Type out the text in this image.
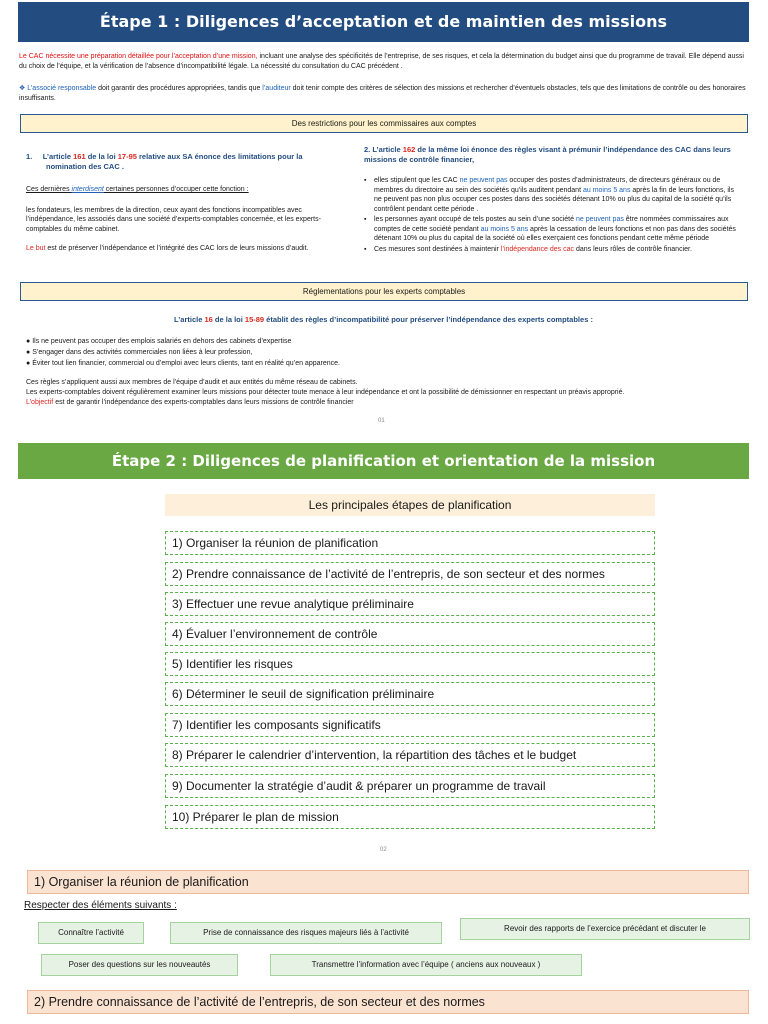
Étape 1 : Diligences d’acceptation et de maintien des missions
Le CAC nécessite une préparation détaillée pour l’acceptation d’une mission, incluant une analyse des spécificités de l’entreprise, de ses risques, et cela la détermination du budget ainsi que du programme de travail. Elle dépend aussi du choix de l’équipe, et la vérification de l’absence d’incompatibilité légale. La nécessité du consultation du CAC précédent .
❖ L’associé responsable doit garantir des procédures appropriées, tandis que l’auditeur doit tenir compte des critères de sélection des missions et rechercher d’éventuels obstacles, tels que des limitations de contrôle ou des honoraires insuffisants.
Des restrictions pour les commissaires aux comptes

1. L’article 161 de la loi 17-95 relative aux SA énonce des limitations pour la nomination des CAC .

Ces dernières interdisent certaines personnes d’occuper cette fonction :

les fondateurs, les membres de la direction, ceux ayant des fonctions incompatibles avec l’indépendance, les associés dans une société d’experts-comptables concernée, et les experts-comptables du même cabinet.

Le but est de préserver l’indépendance et l’intégrité des CAC lors de leurs missions d’audit.

2. L’article 162 de la même loi énonce des règles visant à prémunir l’indépendance des CAC dans leurs missions de contrôle financier,

▪ elles stipulent que les CAC ne peuvent pas occuper des postes d’administrateurs, de directeurs généraux ou de membres du directoire au sein des sociétés qu’ils auditent pendant au moins 5 ans après la fin de leurs fonctions, ils ne peuvent pas non plus occuper ces postes dans des sociétés détenant 10% ou plus du capital de la société qu’ils contrôlent pendant cette période .
▪ les personnes ayant occupé de tels postes au sein d’une société ne peuvent pas être nommées commissaires aux comptes de cette société pendant au moins 5 ans après la cessation de leurs fonctions et non pas dans des sociétés détenant 10% ou plus du capital de la société où elles exerçaient ces fonctions pendant cette même période
▪ Ces mesures sont destinées à maintenir l’indépendance des cac dans leurs rôles de contrôle financier.
Réglementations pour les experts comptables
L’article 16 de la loi 15-89 établit des règles d’incompatibilité pour préserver l’indépendance des experts comptables :
● Ils ne peuvent pas occuper des emplois salariés en dehors des cabinets d’expertise
● S’engager dans des activités commerciales non liées à leur profession,
● Éviter tout lien financier, commercial ou d’emploi avec leurs clients, tant en réalité qu’en apparence.
Ces règles s’appliquent aussi aux membres de l’équipe d’audit et aux entités du même réseau de cabinets.
Les experts-comptables doivent régulièrement examiner leurs missions pour détecter toute menace à leur indépendance et ont la possibilité de démissionner en respectant un préavis approprié.
L’objectif est de garantir l’indépendance des experts-comptables dans leurs missions de contrôle financier
01
Étape 2 : Diligences de planification et orientation de la mission
Les principales étapes de planification
1) Organiser la réunion de planification
2) Prendre connaissance de l’activité de l’entrepris, de son secteur et des normes
3) Effectuer une revue analytique préliminaire
4) Évaluer l’environnement de contrôle
5) Identifier les risques
6) Déterminer le seuil de signification préliminaire
7) Identifier les composants significatifs
8) Préparer le calendrier d’intervention, la répartition des tâches et le budget
9) Documenter la stratégie d’audit & préparer un programme de travail
10) Préparer le plan de mission
02
1) Organiser la réunion de planification
Respecter des éléments suivants :
Connaître l’activité	Prise de connaissance des risques majeurs liés à l’activité	Revoir des rapports de l’exercice précédant et discuter le
Poser des questions sur les nouveautés	Transmettre l’information avec l’équipe ( anciens aux nouveaux )
2) Prendre connaissance de l’activité de l’entrepris, de son secteur et des normes
